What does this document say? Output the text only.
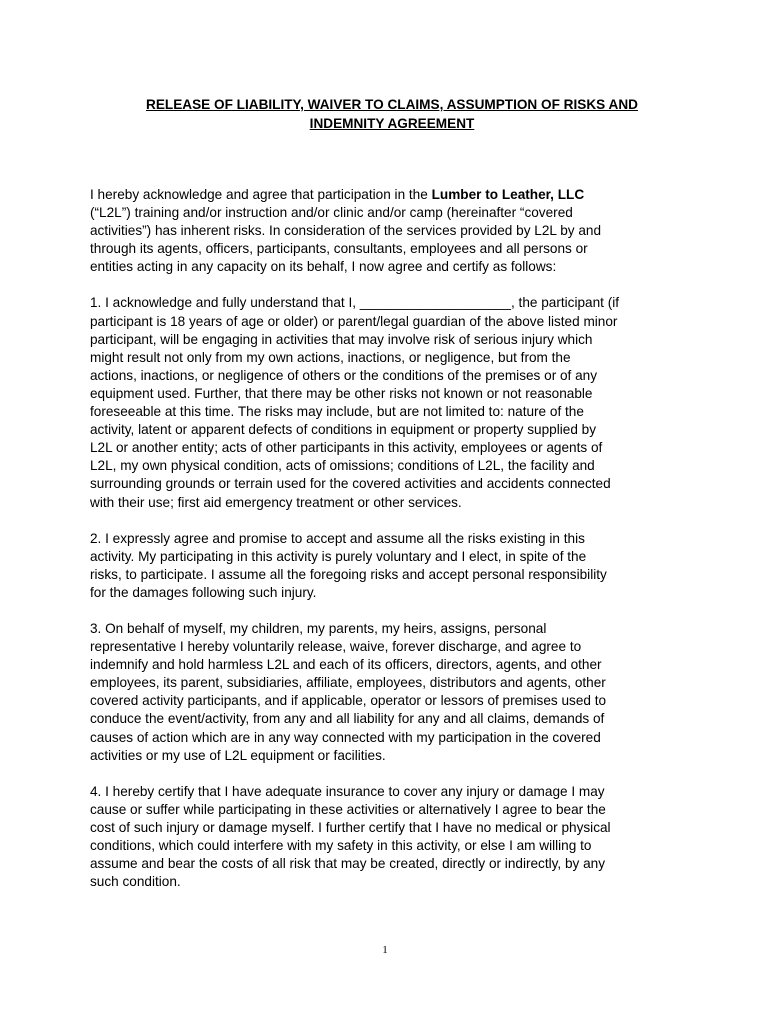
RELEASE OF LIABILITY, WAIVER TO CLAIMS, ASSUMPTION OF RISKS AND
INDEMNITY AGREEMENT
I hereby acknowledge and agree that participation in the Lumber to Leather, LLC
(“L2L”) training and/or instruction and/or clinic and/or camp (hereinafter “covered
activities”) has inherent risks. In consideration of the services provided by L2L by and
through its agents, officers, participants, consultants, employees and all persons or
entities acting in any capacity on its behalf, I now agree and certify as follows:
1. I acknowledge and fully understand that I, ____________________, the participant (if
participant is 18 years of age or older) or parent/legal guardian of the above listed minor
participant, will be engaging in activities that may involve risk of serious injury which
might result not only from my own actions, inactions, or negligence, but from the
actions, inactions, or negligence of others or the conditions of the premises or of any
equipment used. Further, that there may be other risks not known or not reasonable
foreseeable at this time. The risks may include, but are not limited to: nature of the
activity, latent or apparent defects of conditions in equipment or property supplied by
L2L or another entity; acts of other participants in this activity, employees or agents of
L2L, my own physical condition, acts of omissions; conditions of L2L, the facility and
surrounding grounds or terrain used for the covered activities and accidents connected
with their use; first aid emergency treatment or other services.
2. I expressly agree and promise to accept and assume all the risks existing in this
activity. My participating in this activity is purely voluntary and I elect, in spite of the
risks, to participate. I assume all the foregoing risks and accept personal responsibility
for the damages following such injury.
3. On behalf of myself, my children, my parents, my heirs, assigns, personal
representative I hereby voluntarily release, waive, forever discharge, and agree to
indemnify and hold harmless L2L and each of its officers, directors, agents, and other
employees, its parent, subsidiaries, affiliate, employees, distributors and agents, other
covered activity participants, and if applicable, operator or lessors of premises used to
conduce the event/activity, from any and all liability for any and all claims, demands of
causes of action which are in any way connected with my participation in the covered
activities or my use of L2L equipment or facilities.
4. I hereby certify that I have adequate insurance to cover any injury or damage I may
cause or suffer while participating in these activities or alternatively I agree to bear the
cost of such injury or damage myself. I further certify that I have no medical or physical
conditions, which could interfere with my safety in this activity, or else I am willing to
assume and bear the costs of all risk that may be created, directly or indirectly, by any
such condition.
1
